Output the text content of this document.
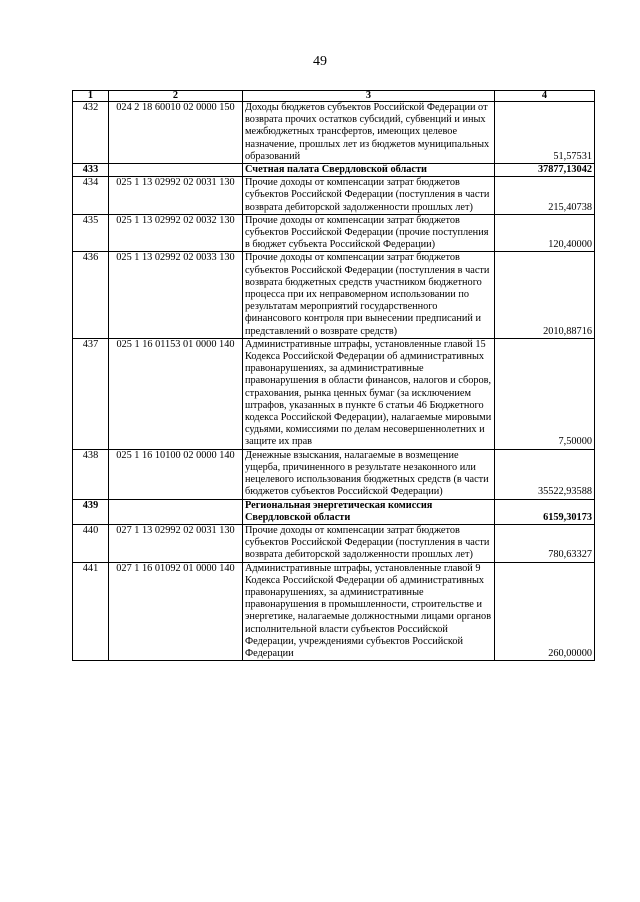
49
1	2	3	4
432	024 2 18 60010 02 0000 150	Доходы бюджетов субъектов Российской Федерации от возврата прочих остатков субсидий, субвенций и иных межбюджетных трансфертов, имеющих целевое назначение, прошлых лет из бюджетов муниципальных образований	51,57531
433		Счетная палата Свердловской области	37877,13042
434	025 1 13 02992 02 0031 130	Прочие доходы от компенсации затрат бюджетов субъектов Российской Федерации (поступления в части возврата дебиторской задолженности прошлых лет)	215,40738
435	025 1 13 02992 02 0032 130	Прочие доходы от компенсации затрат бюджетов субъектов Российской Федерации (прочие поступления в бюджет субъекта Российской Федерации)	120,40000
436	025 1 13 02992 02 0033 130	Прочие доходы от компенсации затрат бюджетов субъектов Российской Федерации (поступления в части возврата бюджетных средств участником бюджетного процесса при их неправомерном использовании по результатам мероприятий государственного финансового контроля при вынесении предписаний и представлений о возврате средств)	2010,88716
437	025 1 16 01153 01 0000 140	Административные штрафы, установленные главой 15 Кодекса Российской Федерации об административных правонарушениях, за административные правонарушения в области финансов, налогов и сборов, страхования, рынка ценных бумаг (за исключением штрафов, указанных в пункте 6 статьи 46 Бюджетного кодекса Российской Федерации), налагаемые мировыми судьями, комиссиями по делам несовершеннолетних и защите их прав	7,50000
438	025 1 16 10100 02 0000 140	Денежные взыскания, налагаемые в возмещение ущерба, причиненного в результате незаконного или нецелевого использования бюджетных средств (в части бюджетов субъектов Российской Федерации)	35522,93588
439		Региональная энергетическая комиссия Свердловской области	6159,30173
440	027 1 13 02992 02 0031 130	Прочие доходы от компенсации затрат бюджетов субъектов Российской Федерации (поступления в части возврата дебиторской задолженности прошлых лет)	780,63327
441	027 1 16 01092 01 0000 140	Административные штрафы, установленные главой 9 Кодекса Российской Федерации об административных правонарушениях, за административные правонарушения в промышленности, строительстве и энергетике, налагаемые должностными лицами органов исполнительной власти субъектов Российской Федерации, учреждениями субъектов Российской Федерации	260,00000
